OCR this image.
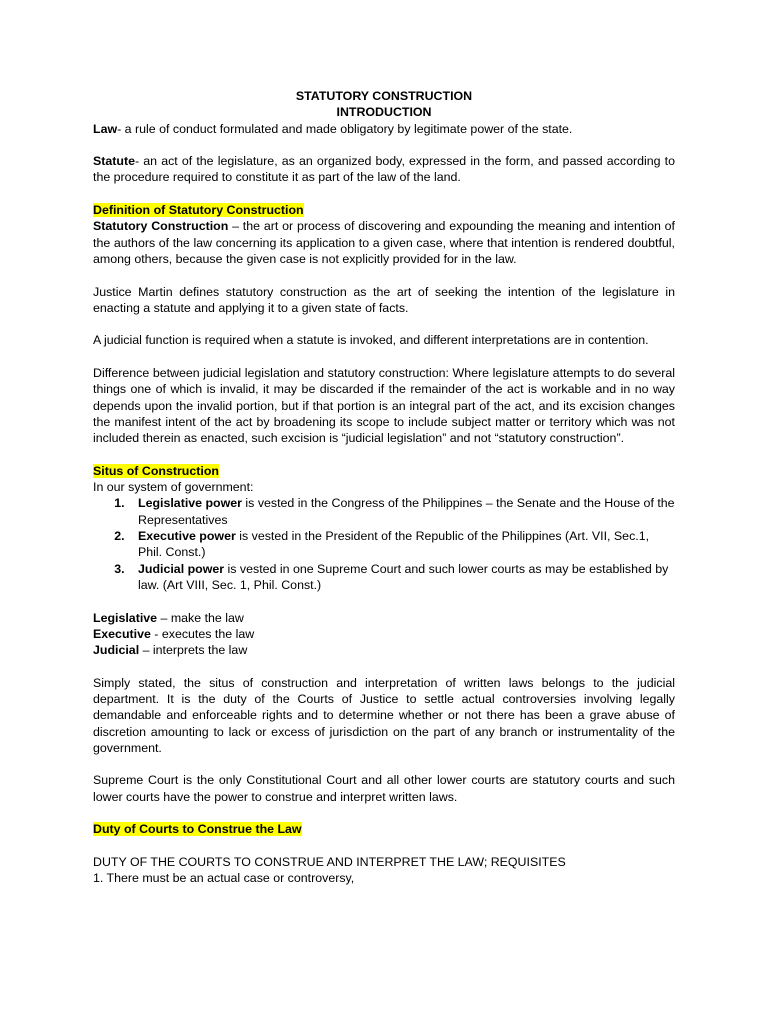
STATUTORY CONSTRUCTION

INTRODUCTION

Law- a rule of conduct formulated and made obligatory by legitimate power of the state.

Statute- an act of the legislature, as an organized body, expressed in the form, and passed according to the procedure required to constitute it as part of the law of the land.

Definition of Statutory Construction

Statutory Construction – the art or process of discovering and expounding the meaning and intention of the authors of the law concerning its application to a given case, where that intention is rendered doubtful, among others, because the given case is not explicitly provided for in the law.

Justice Martin defines statutory construction as the art of seeking the intention of the legislature in enacting a statute and applying it to a given state of facts.

A judicial function is required when a statute is invoked, and different interpretations are in contention.

Difference between judicial legislation and statutory construction: Where legislature attempts to do several things one of which is invalid, it may be discarded if the remainder of the act is workable and in no way depends upon the invalid portion, but if that portion is an integral part of the act, and its excision changes the manifest intent of the act by broadening its scope to include subject matter or territory which was not included therein as enacted, such excision is “judicial legislation” and not “statutory construction”.

Situs of Construction

In our system of government:

1. Legislative power is vested in the Congress of the Philippines – the Senate and the House of the Representatives
2. Executive power is vested in the President of the Republic of the Philippines (Art. VII, Sec.1, Phil. Const.)
3. Judicial power is vested in one Supreme Court and such lower courts as may be established by law. (Art VIII, Sec. 1, Phil. Const.)

Legislative – make the law

Executive - executes the law

Judicial – interprets the law

Simply stated, the situs of construction and interpretation of written laws belongs to the judicial department. It is the duty of the Courts of Justice to settle actual controversies involving legally demandable and enforceable rights and to determine whether or not there has been a grave abuse of discretion amounting to lack or excess of jurisdiction on the part of any branch or instrumentality of the government.

Supreme Court is the only Constitutional Court and all other lower courts are statutory courts and such lower courts have the power to construe and interpret written laws.

Duty of Courts to Construe the Law

DUTY OF THE COURTS TO CONSTRUE AND INTERPRET THE LAW; REQUISITES

1. There must be an actual case or controversy,
